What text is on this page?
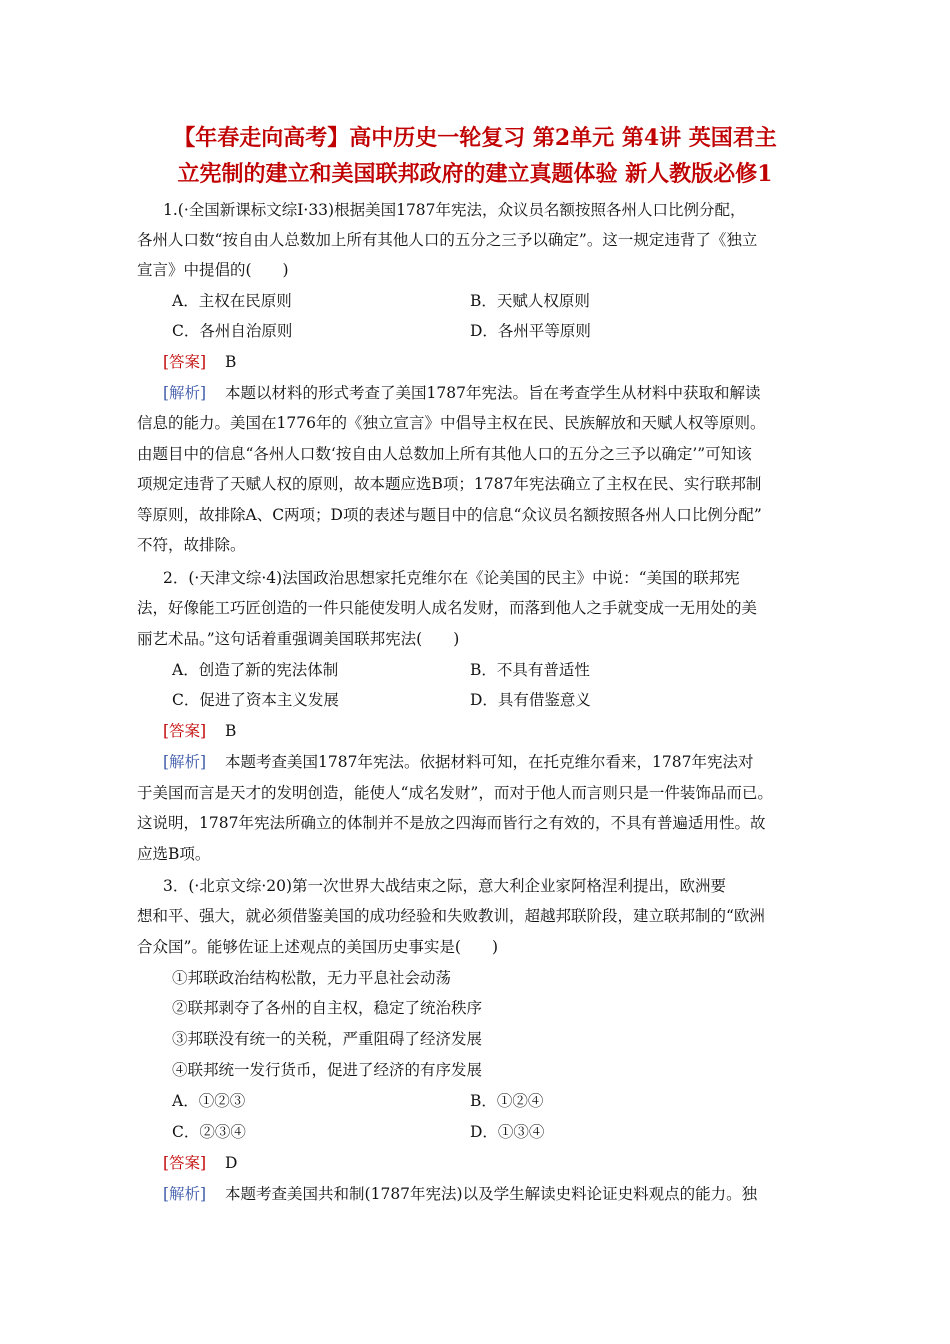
【年春走向高考】高中历史一轮复习 第2单元 第4讲 英国君主
立宪制的建立和美国联邦政府的建立真题体验 新人教版必修1
1.(·全国新课标文综Ⅰ·33)根据美国1787年宪法，众议员名额按照各州人口比例分配，
各州人口数“按自由人总数加上所有其他人口的五分之三予以确定”。这一规定违背了《独立
宣言》中提倡的(　　)
A．主权在民原则	B．天赋人权原则
C．各州自治原则	D．各州平等原则
[答案] B
[解析] 本题以材料的形式考查了美国1787年宪法。旨在考查学生从材料中获取和解读
信息的能力。美国在1776年的《独立宣言》中倡导主权在民、民族解放和天赋人权等原则。
由题目中的信息“各州人口数‘按自由人总数加上所有其他人口的五分之三予以确定’”可知该
项规定违背了天赋人权的原则，故本题应选B项；1787年宪法确立了主权在民、实行联邦制
等原则，故排除A、C两项；D项的表述与题目中的信息“众议员名额按照各州人口比例分配”
不符，故排除。
2．(·天津文综·4)法国政治思想家托克维尔在《论美国的民主》中说：“美国的联邦宪
法，好像能工巧匠创造的一件只能使发明人成名发财，而落到他人之手就变成一无用处的美
丽艺术品。”这句话着重强调美国联邦宪法(　　)
A．创造了新的宪法体制	B．不具有普适性
C．促进了资本主义发展	D．具有借鉴意义
[答案] B
[解析] 本题考查美国1787年宪法。依据材料可知，在托克维尔看来，1787年宪法对
于美国而言是天才的发明创造，能使人“成名发财”，而对于他人而言则只是一件装饰品而已。
这说明，1787年宪法所确立的体制并不是放之四海而皆行之有效的，不具有普遍适用性。故
应选B项。
3．(·北京文综·20)第一次世界大战结束之际，意大利企业家阿格涅利提出，欧洲要
想和平、强大，就必须借鉴美国的成功经验和失败教训，超越邦联阶段，建立联邦制的“欧洲
合众国”。能够佐证上述观点的美国历史事实是(　　)
①邦联政治结构松散，无力平息社会动荡
②联邦剥夺了各州的自主权，稳定了统治秩序
③邦联没有统一的关税，严重阻碍了经济发展
④联邦统一发行货币，促进了经济的有序发展
A．①②③	B．①②④
C．②③④	D．①③④
[答案] D
[解析] 本题考查美国共和制(1787年宪法)以及学生解读史料论证史料观点的能力。独
